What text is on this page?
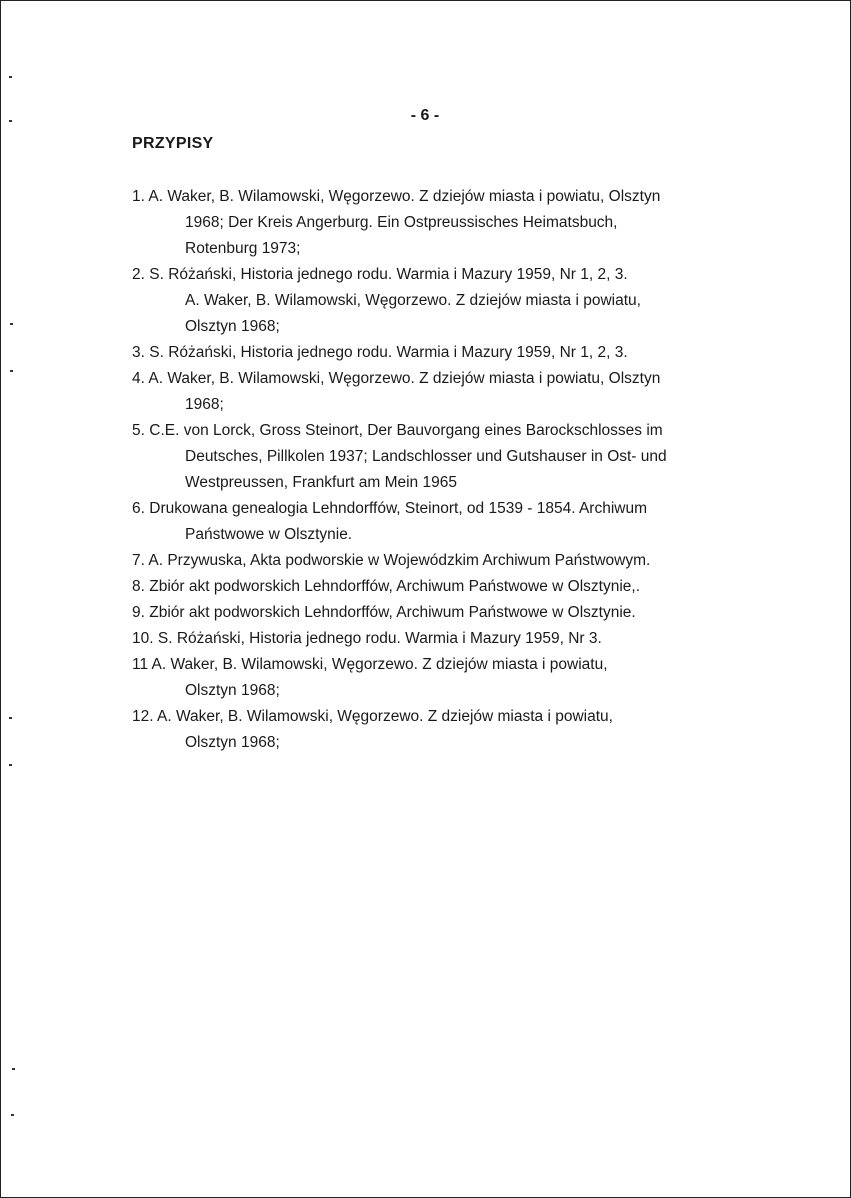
- 6 -
PRZYPISY
1. A. Waker, B. Wilamowski, Węgorzewo. Z dziejów miasta i powiatu, Olsztyn
1968; Der Kreis Angerburg. Ein Ostpreussisches Heimatsbuch,
Rotenburg 1973;
2. S. Różański, Historia jednego rodu. Warmia i Mazury 1959, Nr 1, 2, 3.
A. Waker, B. Wilamowski, Węgorzewo. Z dziejów miasta i powiatu,
Olsztyn 1968;
3. S. Różański, Historia jednego rodu. Warmia i Mazury 1959, Nr 1, 2, 3.
4. A. Waker, B. Wilamowski, Węgorzewo. Z dziejów miasta i powiatu, Olsztyn
1968;
5. C.E. von Lorck, Gross Steinort, Der Bauvorgang eines Barockschlosses im
Deutsches, Pillkolen 1937; Landschlosser und Gutshauser in Ost- und
Westpreussen, Frankfurt am Mein 1965
6. Drukowana genealogia Lehndorffów, Steinort, od 1539 - 1854. Archiwum
Państwowe w Olsztynie.
7. A. Przywuska, Akta podworskie w Wojewódzkim Archiwum Państwowym.
8. Zbiór akt podworskich Lehndorffów, Archiwum Państwowe w Olsztynie,.
9. Zbiór akt podworskich Lehndorffów, Archiwum Państwowe w Olsztynie.
10. S. Różański, Historia jednego rodu. Warmia i Mazury 1959, Nr 3.
11 A. Waker, B. Wilamowski, Węgorzewo. Z dziejów miasta i powiatu,
Olsztyn 1968;
12. A. Waker, B. Wilamowski, Węgorzewo. Z dziejów miasta i powiatu,
Olsztyn 1968;
